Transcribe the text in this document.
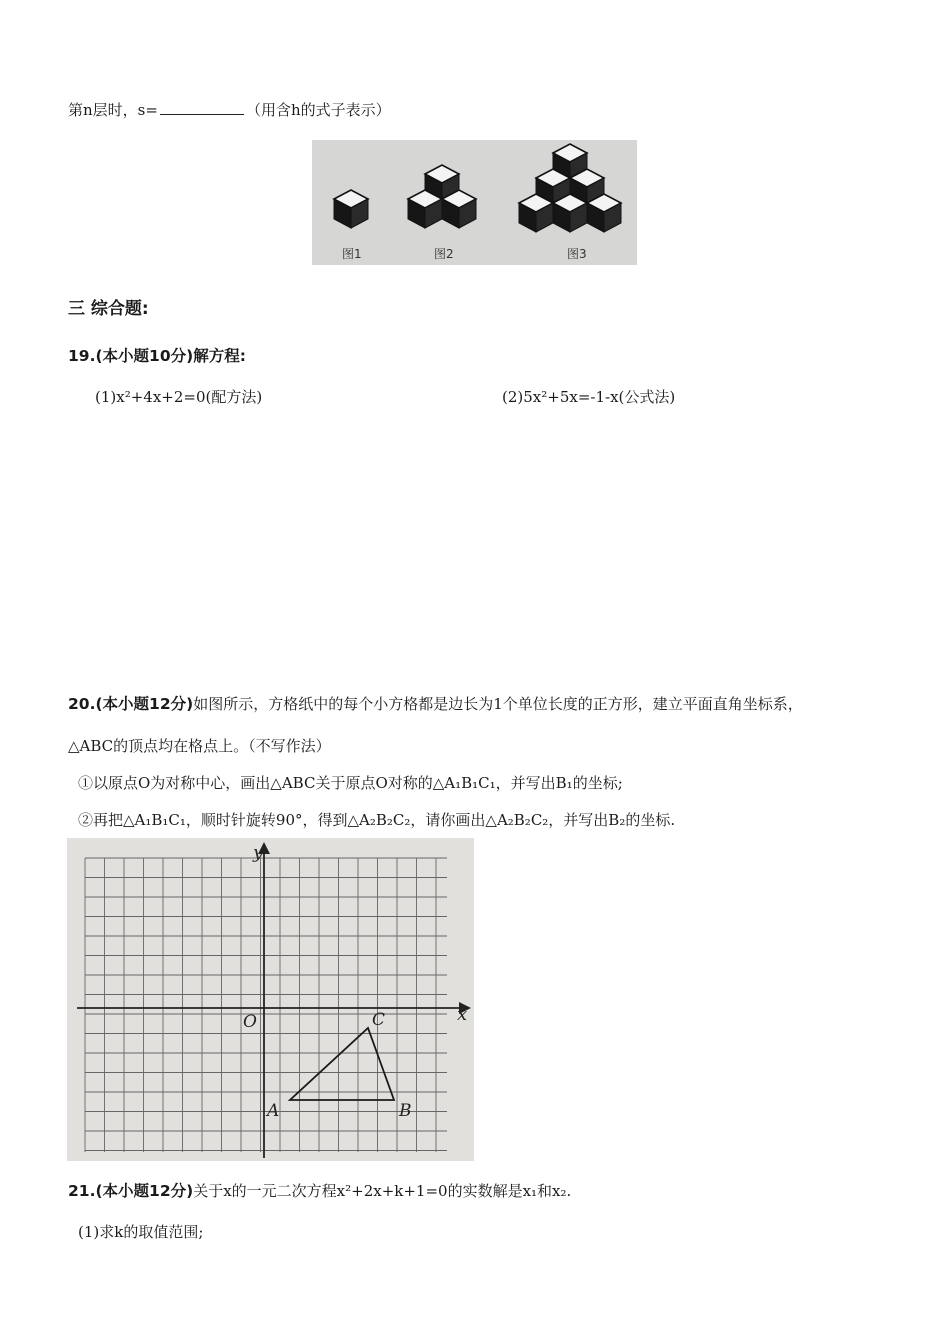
第n层时，s=	（用含h的式子表示）
图1	图2	图3
三 综合题:
19.(本小题10分)解方程:
(1)x²+4x+2=0(配方法)	(2)5x²+5x=-1-x(公式法)
20.(本小题12分)如图所示，方格纸中的每个小方格都是边长为1个单位长度的正方形，建立平面直角坐标系，
△ABC的顶点均在格点上。（不写作法）
①以原点O为对称中心，画出△ABC关于原点O对称的△A₁B₁C₁，并写出B₁的坐标;
②再把△A₁B₁C₁，顺时针旋转90°，得到△A₂B₂C₂，请你画出△A₂B₂C₂，并写出B₂的坐标.
x
y
O
A	B
C
21.(本小题12分)关于x的一元二次方程x²+2x+k+1=0的实数解是x₁和x₂.
(1)求k的取值范围;
